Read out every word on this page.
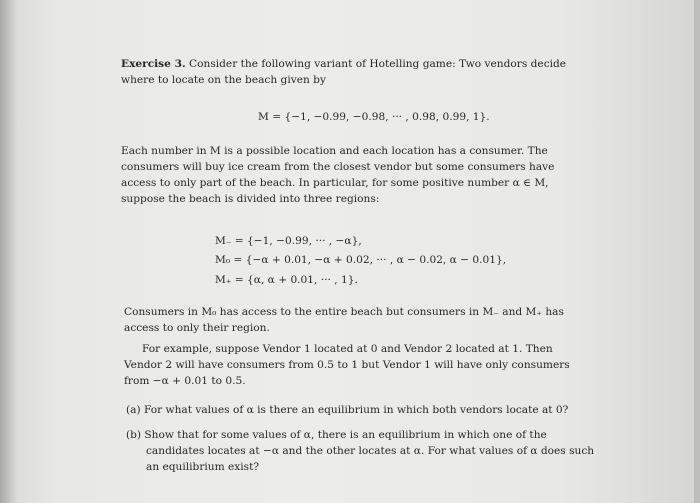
Exercise 3. Consider the following variant of Hotelling game: Two vendors decide where to locate on the beach given by
M = {−1, −0.99, −0.98, ··· , 0.98, 0.99, 1}.
Each number in M is a possible location and each location has a consumer. The consumers will buy ice cream from the closest vendor but some consumers have access to only part of the beach. In particular, for some positive number α ∈ M, suppose the beach is divided into three regions:
M₋ = {−1, −0.99, ··· , −α},
M₀ = {−α + 0.01, −α + 0.02, ··· , α − 0.02, α − 0.01},
M₊ = {α, α + 0.01, ··· , 1}.
Consumers in M₀ has access to the entire beach but consumers in M₋ and M₊ has access to only their region.
For example, suppose Vendor 1 located at 0 and Vendor 2 located at 1. Then Vendor 2 will have consumers from 0.5 to 1 but Vendor 1 will have only consumers from −α + 0.01 to 0.5.
(a) For what values of α is there an equilibrium in which both vendors locate at 0?
(b) Show that for some values of α, there is an equilibrium in which one of the candidates locates at −α and the other locates at α. For what values of α does such an equilibrium exist?
